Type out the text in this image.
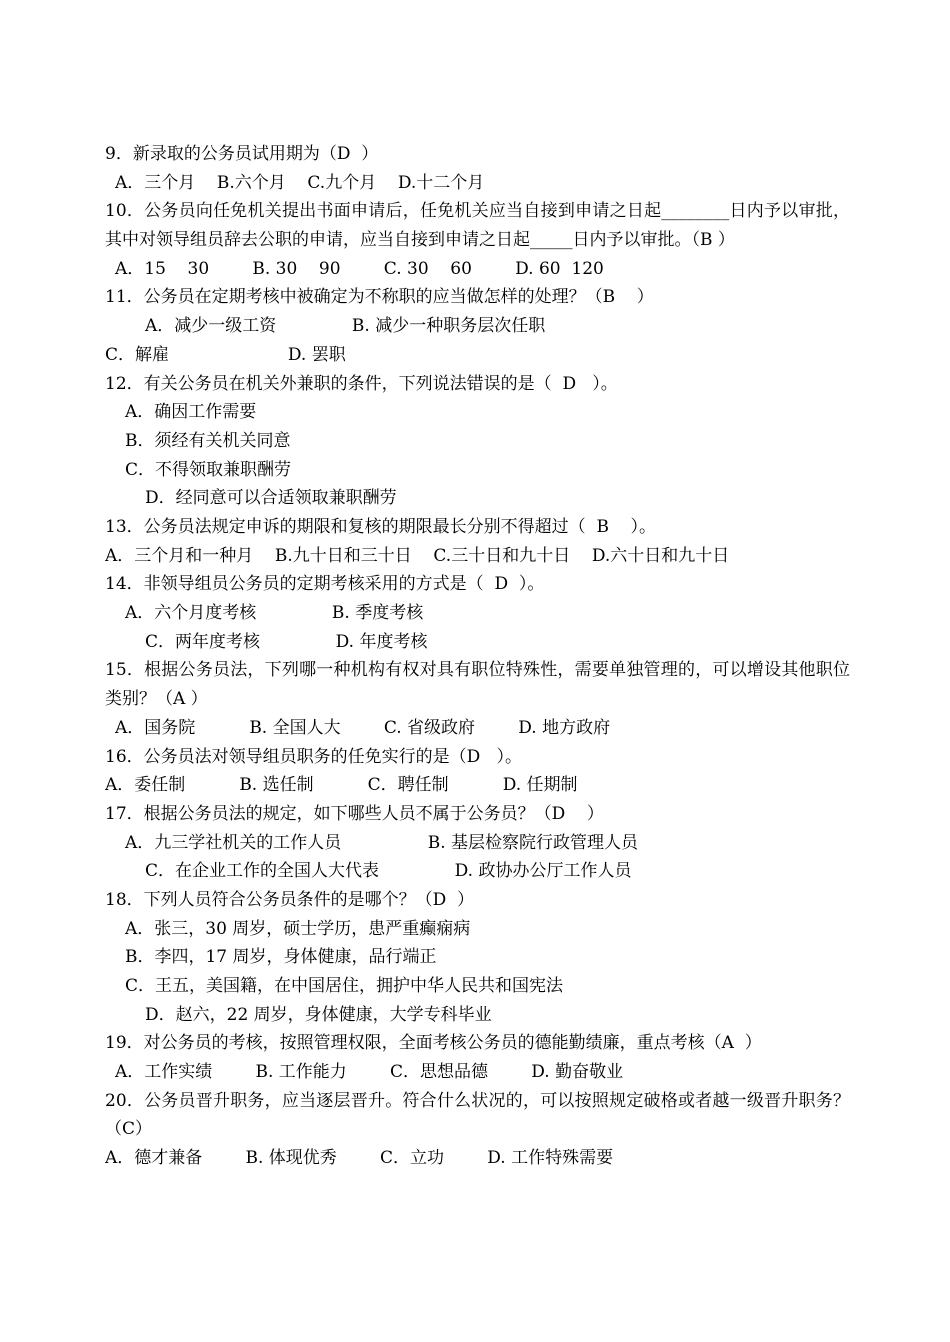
9．新录取的公务员试用期为（D  ）
A．三个月    B.六个月    C.九个月    D.十二个月
10．公务员向任免机关提出书面申请后，任免机关应当自接到申请之日起________日内予以审批，其中对领导组员辞去公职的申请，应当自接到申请之日起_____日内予以审批。（B ）
A．15    30        B. 30    90        C. 30    60        D. 60  120
11．公务员在定期考核中被确定为不称职的应当做怎样的处理？（B    ）
A．减少一级工资              B. 减少一种职务层次任职
C．解雇                      D. 罢职
12．有关公务员在机关外兼职的条件，下列说法错误的是（  D   ）。
A．确因工作需要
B．须经有关机关同意
C．不得领取兼职酬劳
D．经同意可以合适领取兼职酬劳
13．公务员法规定申诉的期限和复核的期限最长分别不得超过（  B    ）。
A．三个月和一种月    B.九十日和三十日    C.三十日和九十日    D.六十日和九十日
14．非领导组员公务员的定期考核采用的方式是（  D  ）。
A．六个月度考核              B. 季度考核
C．两年度考核              D. 年度考核
15．根据公务员法，下列哪一种机构有权对具有职位特殊性，需要单独管理的，可以增设其他职位类别？（A ）
A．国务院          B. 全国人大        C. 省级政府        D. 地方政府
16．公务员法对领导组员职务的任免实行的是（D   ）。
A．委任制          B. 选任制          C．聘任制          D. 任期制
17．根据公务员法的规定，如下哪些人员不属于公务员？（D    ）
A．九三学社机关的工作人员                B. 基层检察院行政管理人员
C．在企业工作的全国人大代表              D. 政协办公厅工作人员
18．下列人员符合公务员条件的是哪个？（D  ）
A．张三，30 周岁，硕士学历，患严重癫痫病
B．李四，17 周岁，身体健康，品行端正
C．王五，美国籍，在中国居住，拥护中华人民共和国宪法
D．赵六，22 周岁，身体健康，大学专科毕业
19．对公务员的考核，按照管理权限，全面考核公务员的德能勤绩廉，重点考核（A  ）
A．工作实绩        B. 工作能力        C．思想品德        D. 勤奋敬业
20．公务员晋升职务，应当逐层晋升。符合什么状况的，可以按照规定破格或者越一级晋升职务？（C）
A．德才兼备        B. 体现优秀        C．立功        D. 工作特殊需要
